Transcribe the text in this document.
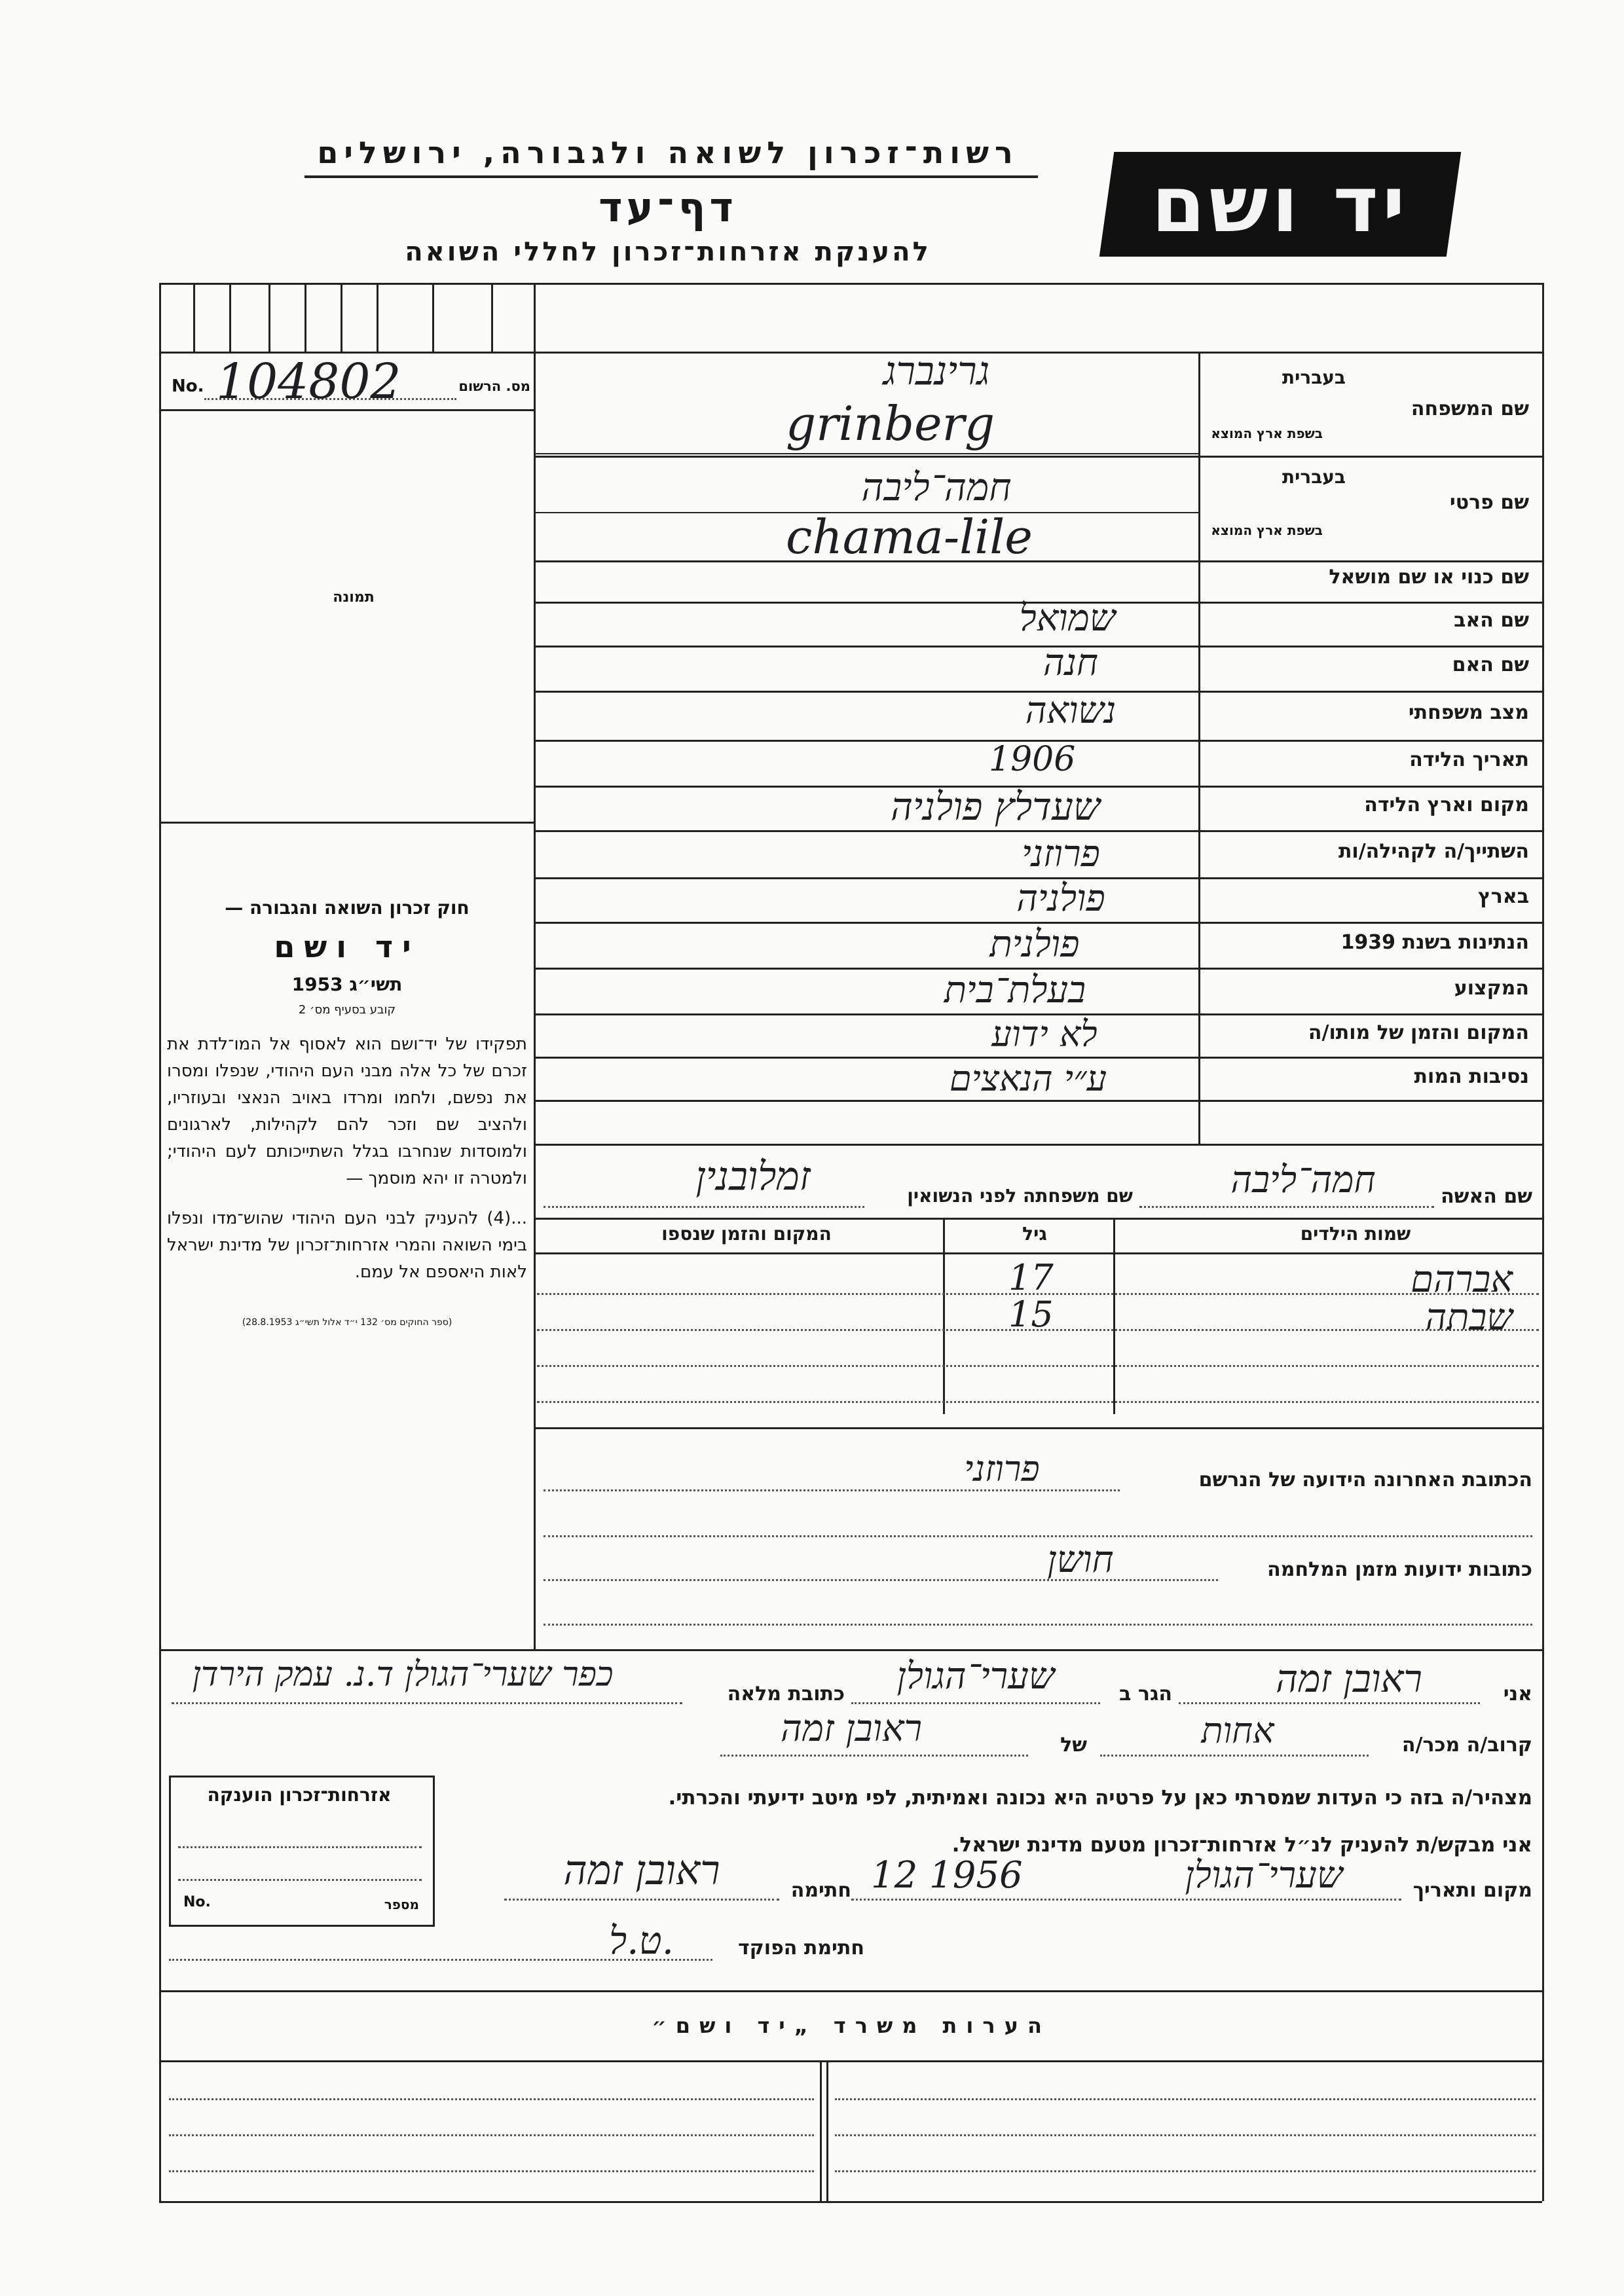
רשות־זכרון לשואה ולגבורה, ירושלים
דף־עד
להענקת אזרחות־זכרון לחללי השואה
יד ושם
מס. הרשום
No. 104802
תמונה

חוק זכרון השואה והגבורה —

יד ושם

תשי״ג 1953

קובע בסעיף מס׳ 2

תפקידו של יד־ושם הוא לאסוף אל המו־לדת את זכרם של כל אלה מבני העם היהודי, שנפלו ומסרו את נפשם, ולחמו ומרדו באויב הנאצי ובעוזריו, ולהציב שם וזכר להם לקהילות, לארגונים ולמוסדות שנחרבו בגלל השתייכותם לעם היהודי; ולמטרה זו יהא מוסמך —

...(4) להעניק לבני העם היהודי שהוש־מדו ונפלו בימי השואה והמרי אזרחות־זכרון של מדינת ישראל לאות היאספם אל עמם.

(ספר החוקים מס׳ 132 י״ד אלול תשי״ג 28.8.1953)

שם המשפחה
בעברית
בשפת ארץ המוצא
שם פרטי
בעברית
בשפת ארץ המוצא
שם כנוי או שם מושאל
שם האב
שם האם
מצב משפחתי
תאריך הלידה
מקום וארץ הלידה
השתייך/ה לקהילה/ות
בארץ
הנתינות בשנת 1939
המקצוע
המקום והזמן של מותו/ה
נסיבות המות
גרינברג
grinberg
חמה־ליבה
chama-lile
שמואל
חנה
נשואה
1906
שעדלץ פולניה
פרוזני
פולניה
פולנית
בעלת־בית
לא ידוע
ע״י הנאצים
שם האשה
חמה־ליבה
שם משפחתה לפני הנשואין
זמלובנין
שמות הילדים
גיל
המקום והזמן שנספו
אברהם
17
שבתה
15
הכתובת האחרונה הידועה של הנרשם
פרוזני
כתובות ידועות מזמן המלחמה
חושן
אני
ראובן זמה
הגר ב
שערי־הגולן
כתובת מלאה
כפר שערי־הגולן ד.נ. עמק הירדן
קרוב/ה מכר/ה
אחות
של
ראובן זמה
אזרחות־זכרון הוענקה
No.	מספר
מצהיר/ה בזה כי העדות שמסרתי כאן על פרטיה היא נכונה ואמיתית, לפי מיטב ידיעתי והכרתי.
אני מבקש/ת להעניק לנ״ל אזרחות־זכרון מטעם מדינת ישראל.
מקום ותאריך
שערי־הגולן
12 1956
חתימה
ראובן זמה
חתימת הפוקד
ט.ל.
הערות משרד „יד ושם״
